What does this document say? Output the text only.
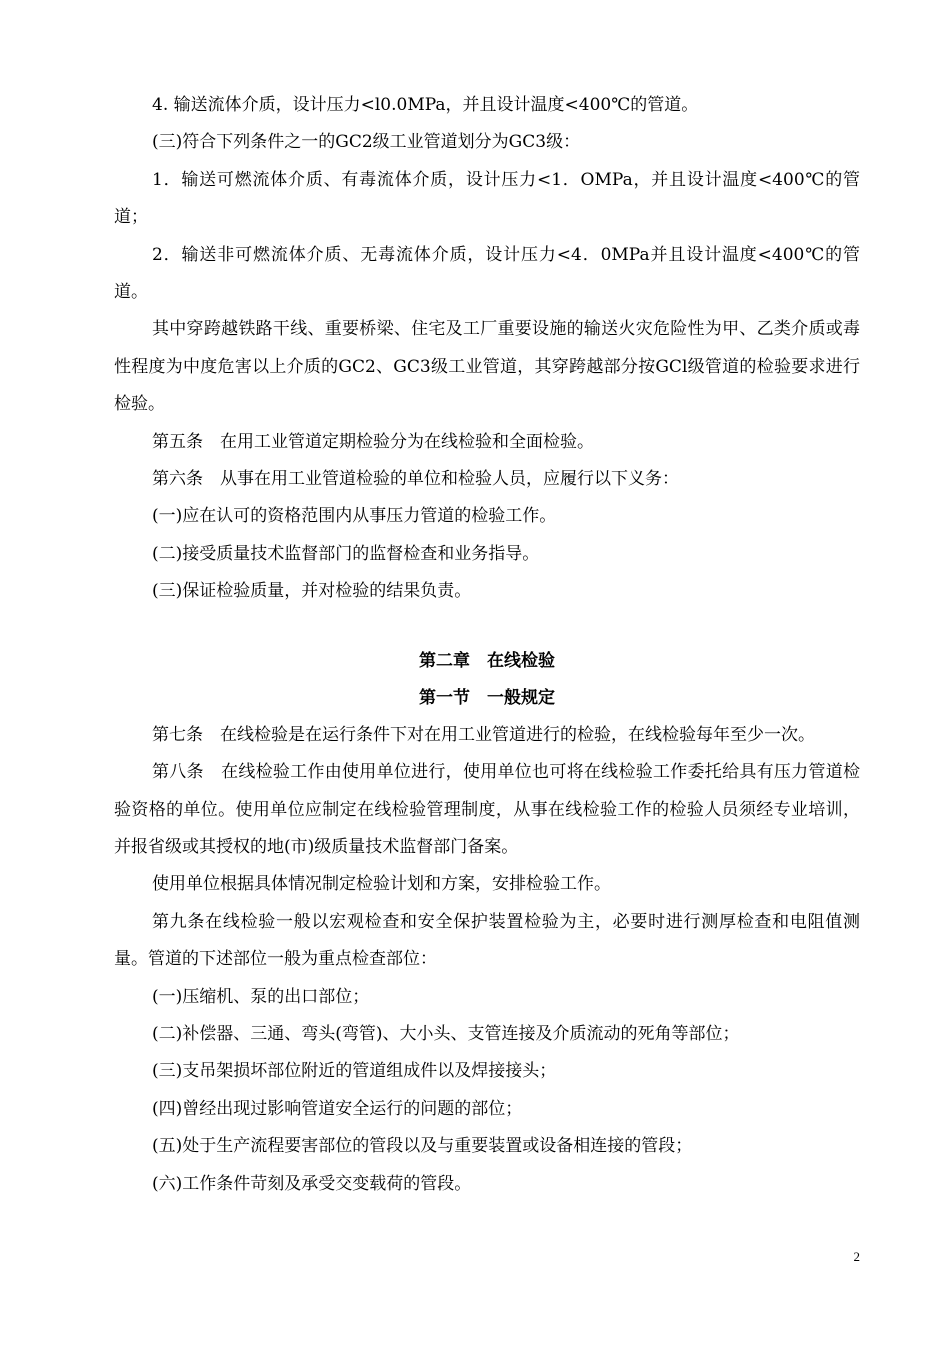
4. 输送流体介质，设计压力<l0.0MPa，并且设计温度<400℃的管道。

(三)符合下列条件之一的GC2级工业管道划分为GC3级：

1．输送可燃流体介质、有毒流体介质，设计压力<1．OMPa，并且设计温度<400℃的管道；

2．输送非可燃流体介质、无毒流体介质，设计压力<4．0MPa并且设计温度<400℃的管道。

其中穿跨越铁路干线、重要桥梁、住宅及工厂重要设施的输送火灾危险性为甲、乙类介质或毒性程度为中度危害以上介质的GC2、GC3级工业管道，其穿跨越部分按GCl级管道的检验要求进行检验。

第五条　在用工业管道定期检验分为在线检验和全面检验。

第六条　从事在用工业管道检验的单位和检验人员，应履行以下义务：

(一)应在认可的资格范围内从事压力管道的检验工作。

(二)接受质量技术监督部门的监督检查和业务指导。

(三)保证检验质量，并对检验的结果负责。

第二章　在线检验
第一节　一般规定

第七条　在线检验是在运行条件下对在用工业管道进行的检验，在线检验每年至少一次。

第八条　在线检验工作由使用单位进行，使用单位也可将在线检验工作委托给具有压力管道检验资格的单位。使用单位应制定在线检验管理制度，从事在线检验工作的检验人员须经专业培训，并报省级或其授权的地(市)级质量技术监督部门备案。

使用单位根据具体情况制定检验计划和方案，安排检验工作。

第九条在线检验一般以宏观检查和安全保护装置检验为主，必要时进行测厚检查和电阻值测量。管道的下述部位一般为重点检查部位：

(一)压缩机、泵的出口部位；

(二)补偿器、三通、弯头(弯管)、大小头、支管连接及介质流动的死角等部位；

(三)支吊架损坏部位附近的管道组成件以及焊接接头；

(四)曾经出现过影响管道安全运行的问题的部位；

(五)处于生产流程要害部位的管段以及与重要装置或设备相连接的管段；

(六)工作条件苛刻及承受交变载荷的管段。

2
